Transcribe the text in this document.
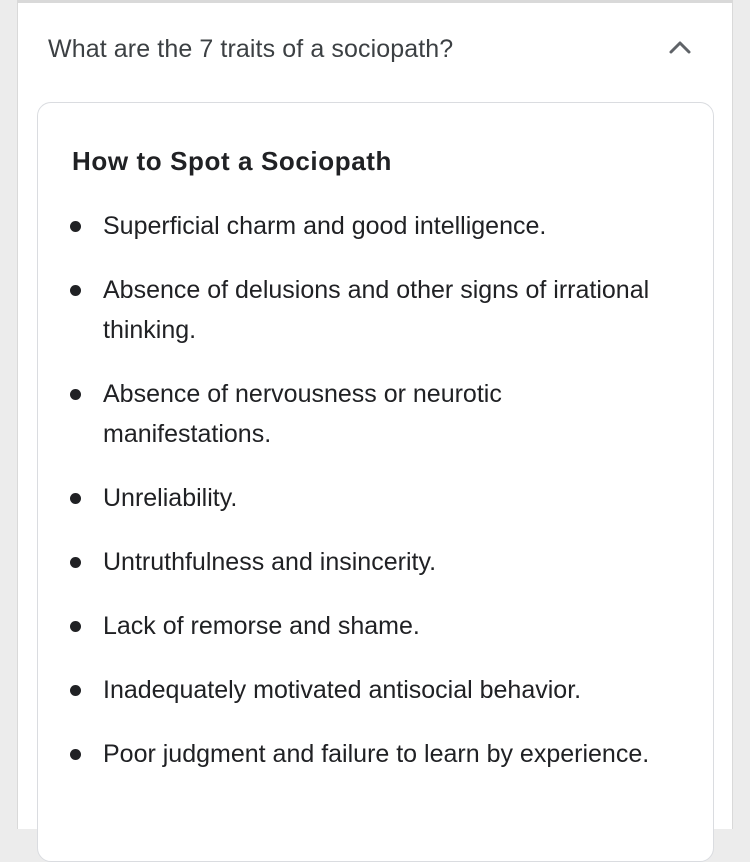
What are the 7 traits of a sociopath?
How to Spot a Sociopath
Superficial charm and good intelligence.
Absence of delusions and other signs of irrational thinking.
Absence of nervousness or neurotic manifestations.
Unreliability.
Untruthfulness and insincerity.
Lack of remorse and shame.
Inadequately motivated antisocial behavior.
Poor judgment and failure to learn by experience.
